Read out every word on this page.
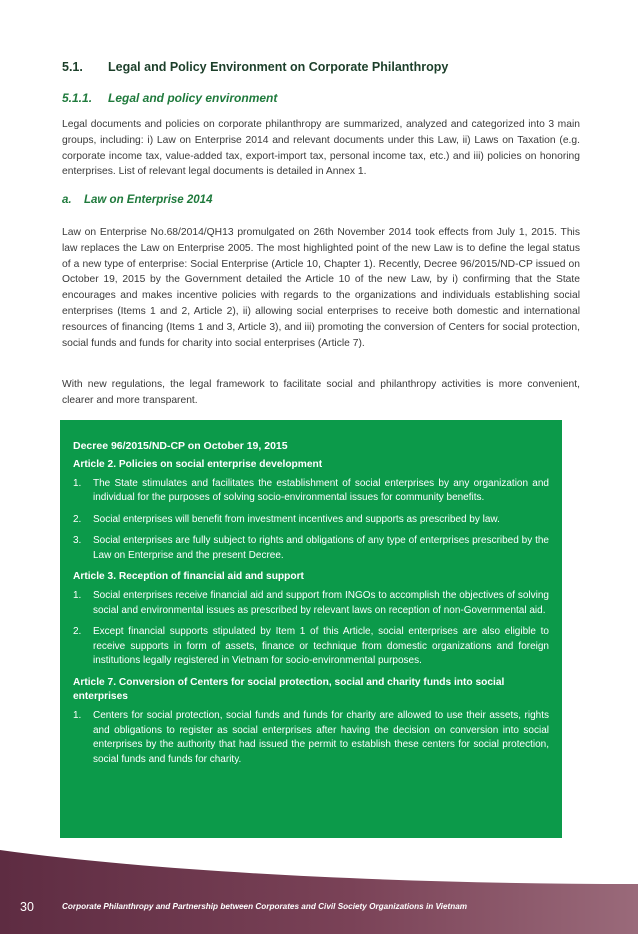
5.1. Legal and Policy Environment on Corporate Philanthropy
5.1.1. Legal and policy environment

Legal documents and policies on corporate philanthropy are summarized, analyzed and categorized into 3 main groups, including: i) Law on Enterprise 2014 and relevant documents under this Law, ii) Laws on Taxation (e.g. corporate income tax, value-added tax, export-import tax, personal income tax, etc.) and iii) policies on honoring enterprises. List of relevant legal documents is detailed in Annex 1.

a. Law on Enterprise 2014

Law on Enterprise No.68/2014/QH13 promulgated on 26th November 2014 took effects from July 1, 2015. This law replaces the Law on Enterprise 2005. The most highlighted point of the new Law is to define the legal status of a new type of enterprise: Social Enterprise (Article 10, Chapter 1). Recently, Decree 96/2015/ND-CP issued on October 19, 2015 by the Government detailed the Article 10 of the new Law, by i) confirming that the State encourages and makes incentive policies with regards to the organizations and individuals establishing social enterprises (Items 1 and 2, Article 2), ii) allowing social enterprises to receive both domestic and international resources of financing (Items 1 and 3, Article 3), and iii) promoting the conversion of Centers for social protection, social funds and funds for charity into social enterprises (Article 7).

With new regulations, the legal framework to facilitate social and philanthropy activities is more convenient, clearer and more transparent.

Decree 96/2015/ND-CP on October 19, 2015
Article 2. Policies on social enterprise development
1.	The State stimulates and facilitates the establishment of social enterprises by any organization and individual for the purposes of solving socio-environmental issues for community benefits.
2.	Social enterprises will benefit from investment incentives and supports as prescribed by law.
3.	Social enterprises are fully subject to rights and obligations of any type of enterprises prescribed by the Law on Enterprise and the present Decree.
Article 3. Reception of financial aid and support
1.	Social enterprises receive financial aid and support from INGOs to accomplish the objectives of solving social and environmental issues as prescribed by relevant laws on reception of non-Governmental aid.
2.	Except financial supports stipulated by Item 1 of this Article, social enterprises are also eligible to receive supports in form of assets, finance or technique from domestic organizations and foreign institutions legally registered in Vietnam for socio-environmental purposes.
Article 7. Conversion of Centers for social protection, social and charity funds into social enterprises
1.	Centers for social protection, social funds and funds for charity are allowed to use their assets, rights and obligations to register as social enterprises after having the decision on conversion into social enterprises by the authority that had issued the permit to establish these centers for social protection, social funds and funds for charity.
30	Corporate Philanthropy and Partnership between Corporates and Civil Society Organizations in Vietnam
